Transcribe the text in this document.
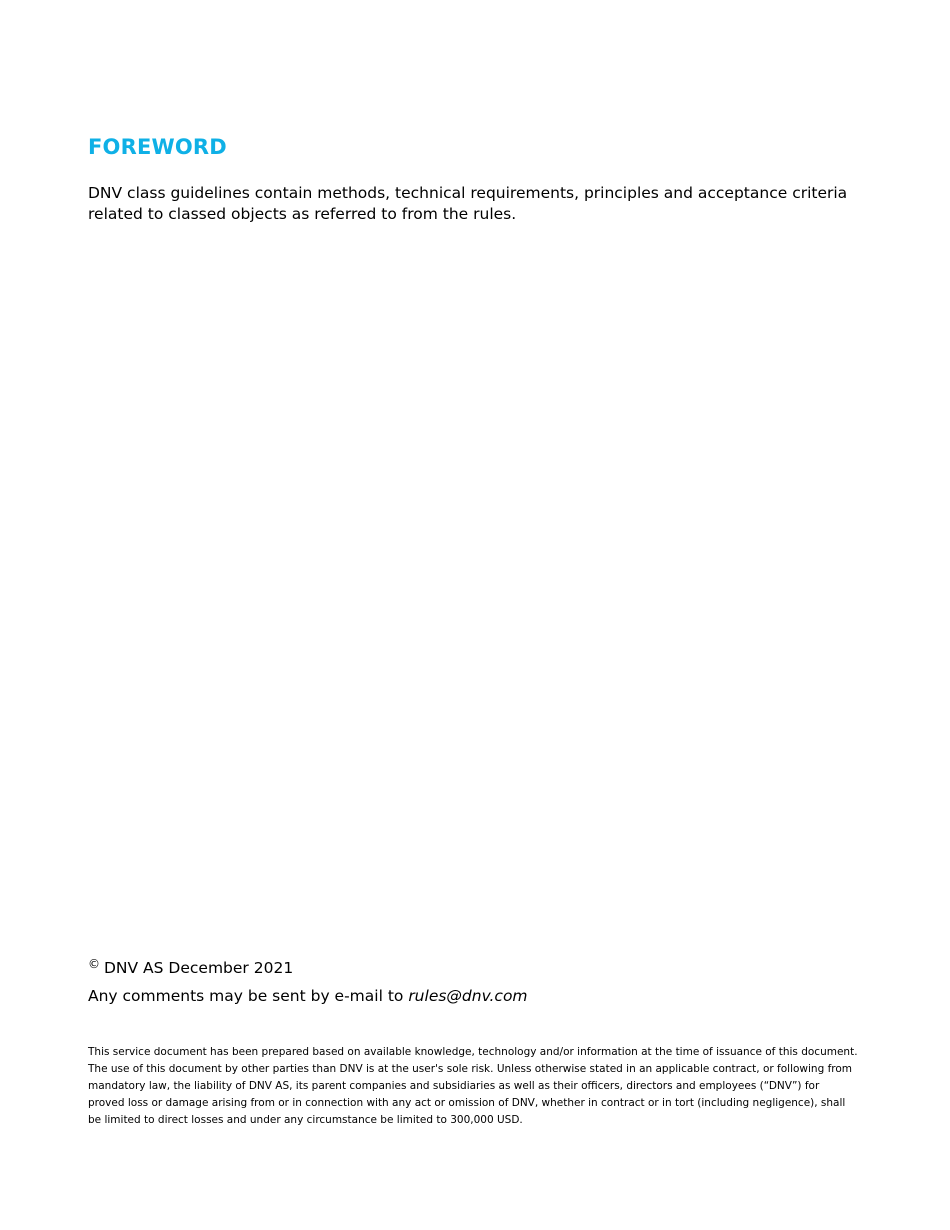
FOREWORD

DNV class guidelines contain methods, technical requirements, principles and acceptance criteria related to classed objects as referred to from the rules.

© DNV AS December 2021

Any comments may be sent by e-mail to rules@dnv.com

This service document has been prepared based on available knowledge, technology and/or information at the time of issuance of this document. The use of this document by other parties than DNV is at the user's sole risk. Unless otherwise stated in an applicable contract, or following from mandatory law, the liability of DNV AS, its parent companies and subsidiaries as well as their officers, directors and employees (“DNV”) for proved loss or damage arising from or in connection with any act or omission of DNV, whether in contract or in tort (including negligence), shall be limited to direct losses and under any circumstance be limited to 300,000 USD.
